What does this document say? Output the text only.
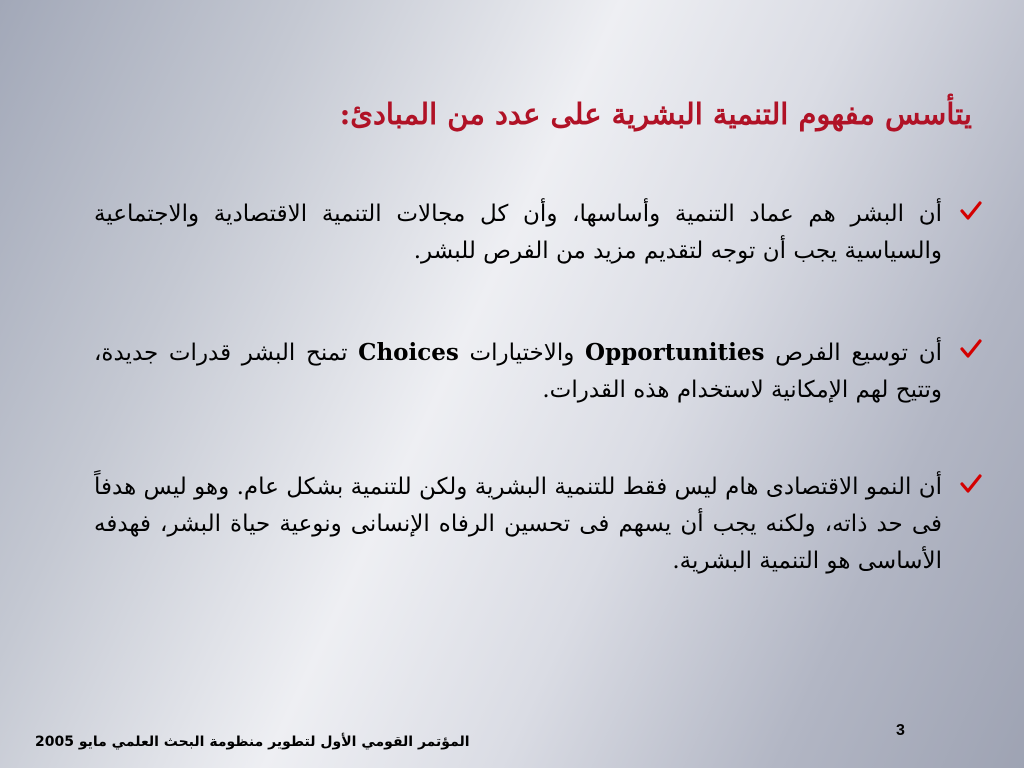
يتأسس مفهوم التنمية البشرية على عدد من المبادئ:
أن البشر هم عماد التنمية وأساسها، وأن كل مجالات التنمية الاقتصادية والاجتماعية والسياسية يجب أن توجه لتقديم مزيد من الفرص للبشر.
أن توسيع الفرص Opportunities والاختيارات Choices تمنح البشر قدرات جديدة، وتتيح لهم الإمكانية لاستخدام هذه القدرات.
أن النمو الاقتصادى هام ليس فقط للتنمية البشرية ولكن للتنمية بشكل عام. وهو ليس هدفاً فى حد ذاته، ولكنه يجب أن يسهم فى تحسين الرفاه الإنسانى ونوعية حياة البشر، فهدفه الأساسى هو التنمية البشرية.
المؤتمر القومي الأول لتطوير منظومة البحث العلمي مايو 2005
3
